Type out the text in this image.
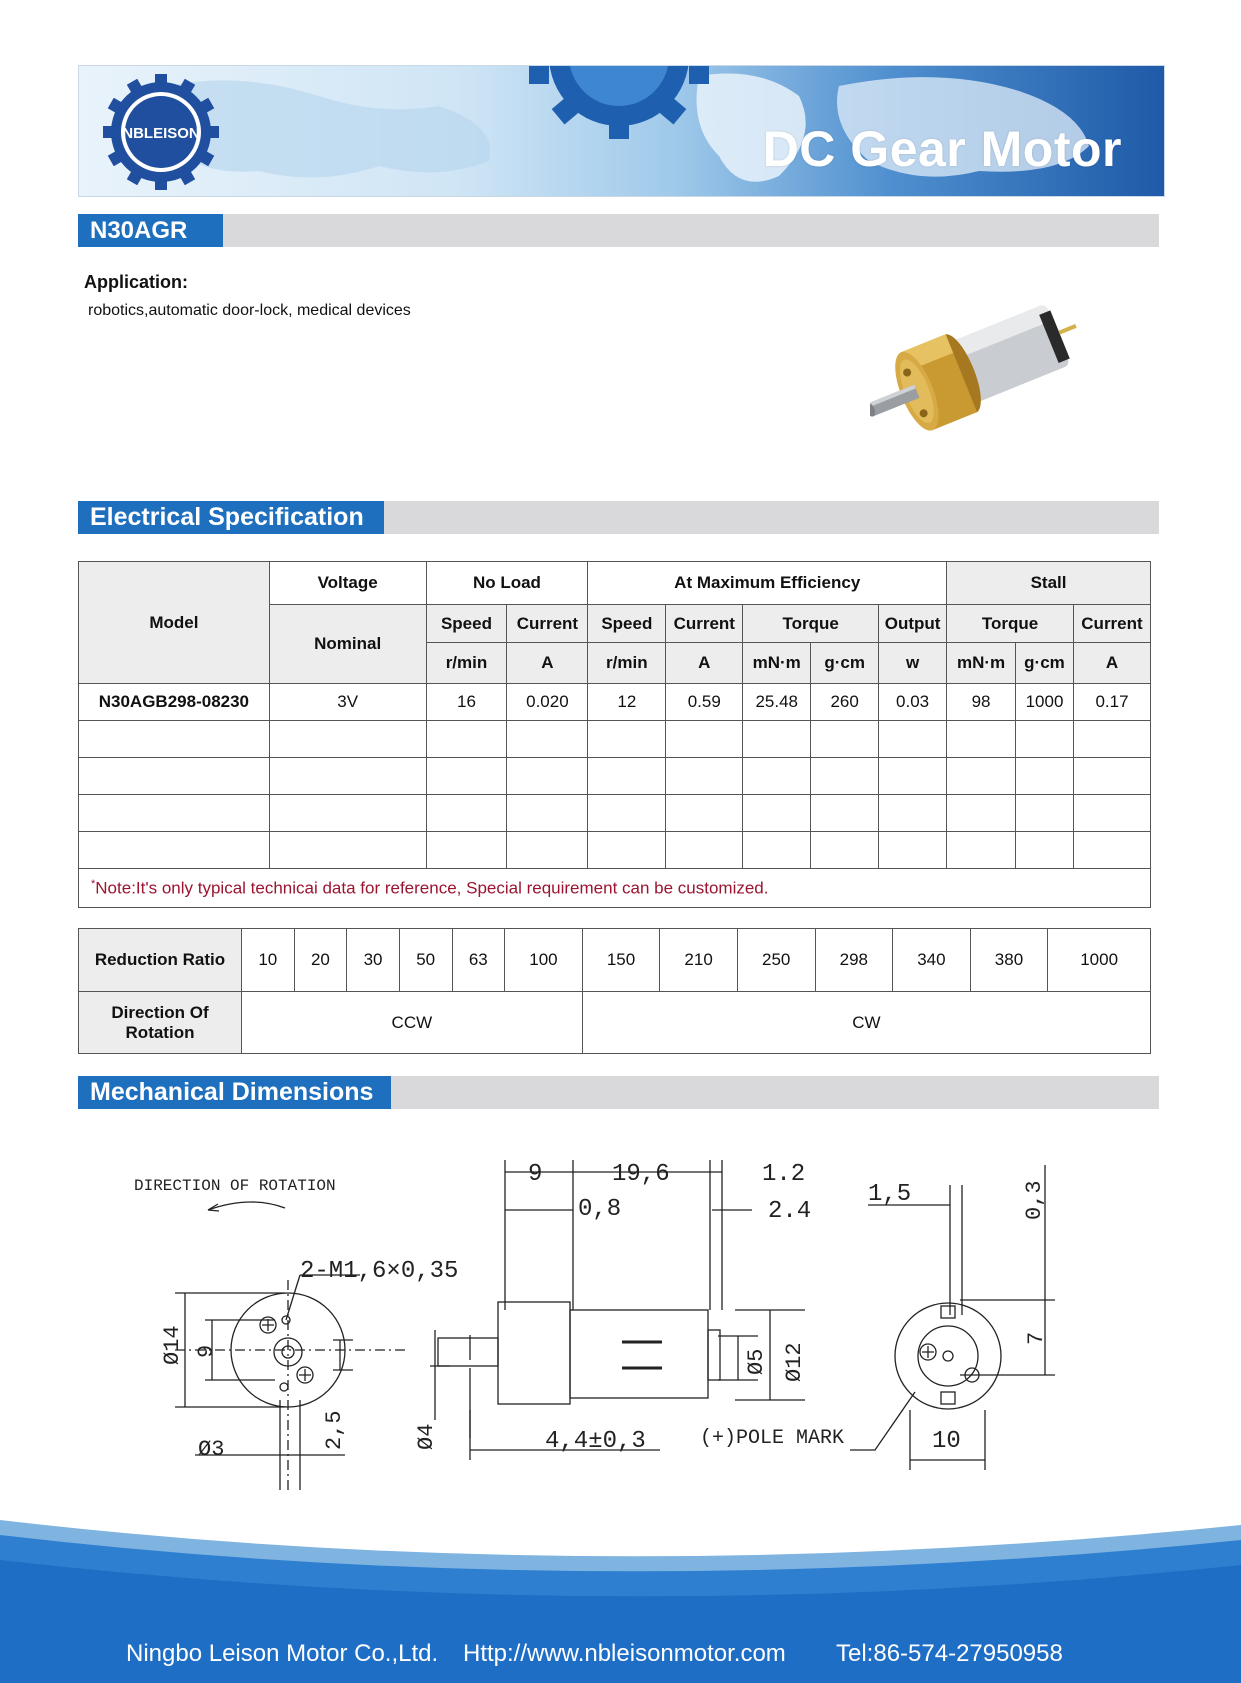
NBLEISON	DC Gear Motor
N30AGR
Application:
robotics,automatic door-lock, medical devices
Electrical Specification
Model	Voltage	No Load		At Maximum Efficiency					Stall		
	Nominal	Speed	Current	Speed	Current	Torque		Output	Torque		Current
		r/min	A	r/min	A	mN·m	g·cm	w	mN·m	g·cm	A
N30AGB298-08230	3V	16	0.020	12	0.59	25.48	260	0.03	98	1000	0.17

*Note:It's only typical technicai data for reference, Special requirement can be customized.											
Reduction Ratio	10	20	30	50	63	100	150	210	250	298	340	380	1000
Direction Of Rotation	CCW						CW						
Mechanical Dimensions
DIRECTION OF ROTATION
2-M1,6×0,35
Ø14 9
Ø3	2,5
9	19,6
0,8
1.2
2.4
Ø4
Ø5 Ø12
4,4±0,3	(+)POLE MARK
1,5	0,3
7
10
Ningbo Leison Motor Co.,Ltd. Http://www.nbleisonmotor.com Tel:86-574-27950958
